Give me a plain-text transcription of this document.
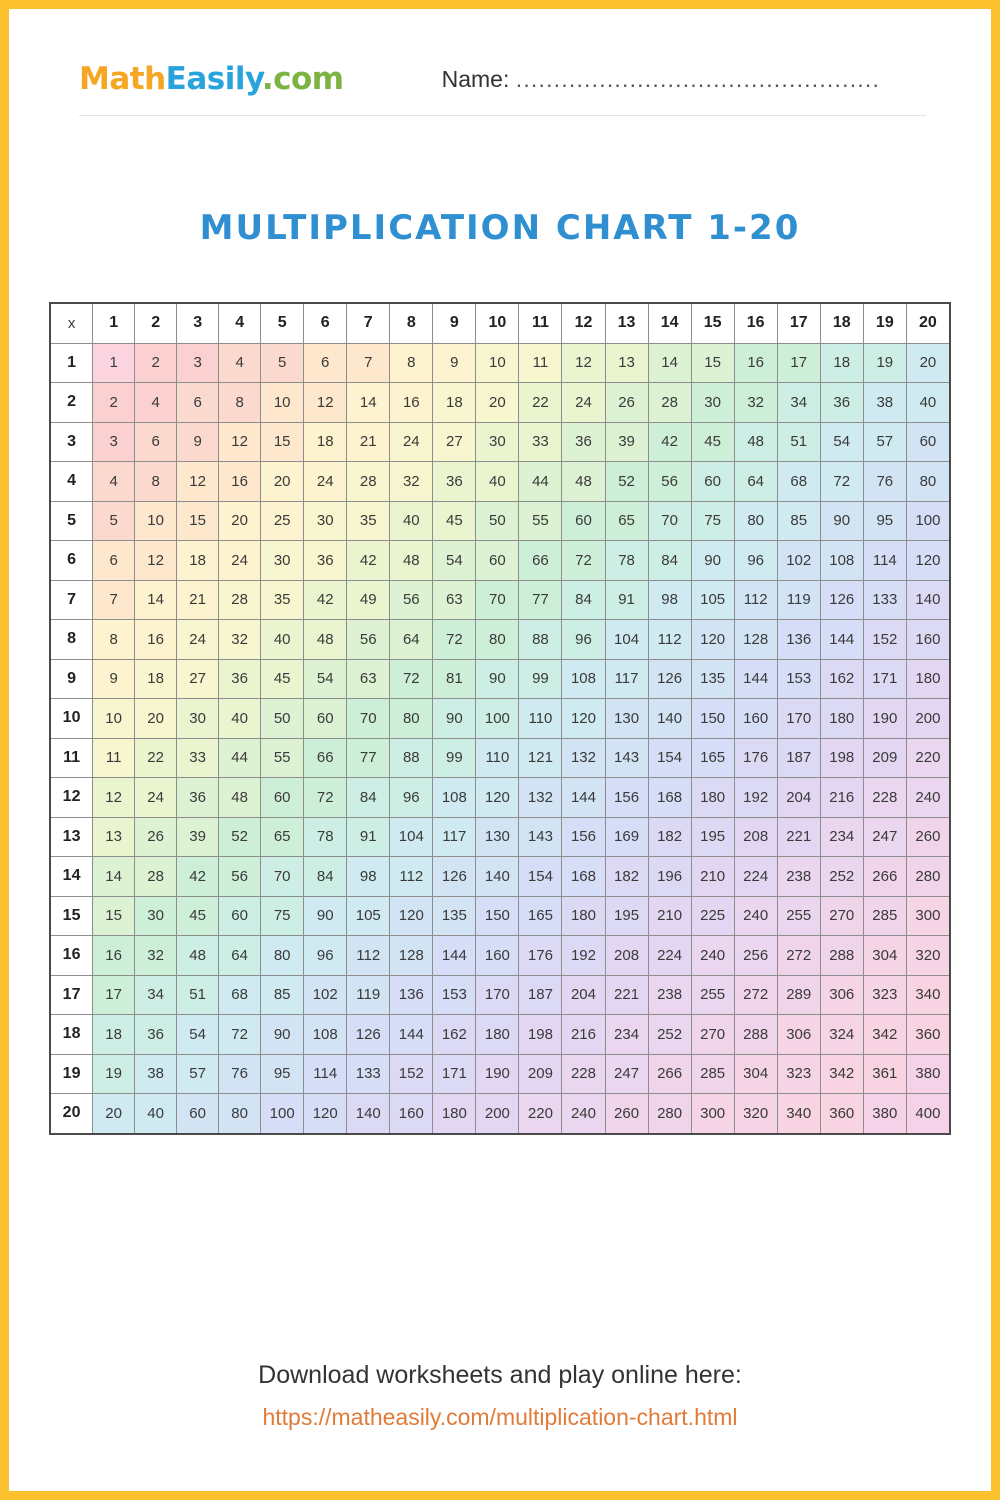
MathEasily.com	Name: ................................................
MULTIPLICATION CHART 1-20
x	1	2	3	4	5	6	7	8	9	10	11	12	13	14	15	16	17	18	19	20
1	1	2	3	4	5	6	7	8	9	10	11	12	13	14	15	16	17	18	19	20
2	2	4	6	8	10	12	14	16	18	20	22	24	26	28	30	32	34	36	38	40
3	3	6	9	12	15	18	21	24	27	30	33	36	39	42	45	48	51	54	57	60
4	4	8	12	16	20	24	28	32	36	40	44	48	52	56	60	64	68	72	76	80
5	5	10	15	20	25	30	35	40	45	50	55	60	65	70	75	80	85	90	95	100
6	6	12	18	24	30	36	42	48	54	60	66	72	78	84	90	96	102	108	114	120
7	7	14	21	28	35	42	49	56	63	70	77	84	91	98	105	112	119	126	133	140
8	8	16	24	32	40	48	56	64	72	80	88	96	104	112	120	128	136	144	152	160
9	9	18	27	36	45	54	63	72	81	90	99	108	117	126	135	144	153	162	171	180
10	10	20	30	40	50	60	70	80	90	100	110	120	130	140	150	160	170	180	190	200
11	11	22	33	44	55	66	77	88	99	110	121	132	143	154	165	176	187	198	209	220
12	12	24	36	48	60	72	84	96	108	120	132	144	156	168	180	192	204	216	228	240
13	13	26	39	52	65	78	91	104	117	130	143	156	169	182	195	208	221	234	247	260
14	14	28	42	56	70	84	98	112	126	140	154	168	182	196	210	224	238	252	266	280
15	15	30	45	60	75	90	105	120	135	150	165	180	195	210	225	240	255	270	285	300
16	16	32	48	64	80	96	112	128	144	160	176	192	208	224	240	256	272	288	304	320
17	17	34	51	68	85	102	119	136	153	170	187	204	221	238	255	272	289	306	323	340
18	18	36	54	72	90	108	126	144	162	180	198	216	234	252	270	288	306	324	342	360
19	19	38	57	76	95	114	133	152	171	190	209	228	247	266	285	304	323	342	361	380
20	20	40	60	80	100	120	140	160	180	200	220	240	260	280	300	320	340	360	380	400
Download worksheets and play online here:
https://matheasily.com/multiplication-chart.html
